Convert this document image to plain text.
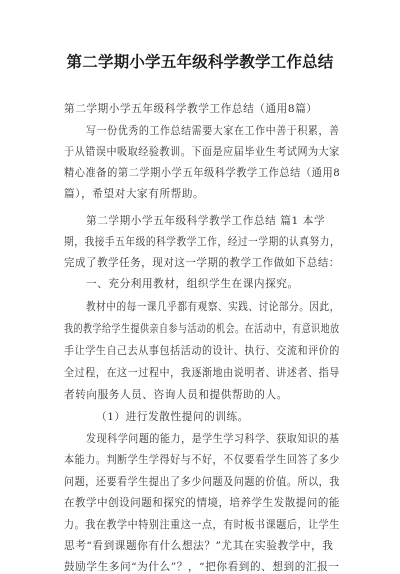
第二学期小学五年级科学教学工作总结
第二学期小学五年级科学教学工作总结（通用8篇）
写一份优秀的工作总结需要大家在工作中善于积累，善
于从错误中吸取经验教训。下面是应届毕业生考试网为大家
精心准备的第二学期小学五年级科学教学工作总结（通用8
篇），希望对大家有所帮助。
第二学期小学五年级科学教学工作总结 篇1 本学
期，我接手五年级的科学教学工作，经过一学期的认真努力，
完成了教学任务，现对这一学期的教学工作做如下总结：
一、充分利用教材，组织学生在课内探究。
教材中的每一课几乎都有观察、实践、讨论部分。因此，
我的教学给学生提供亲自参与活动的机会。在活动中，有意识地放
手让学生自己去从事包括活动的设计、执行、交流和评价的
全过程，在这一过程中，我逐渐地由说明者、讲述者、指导
者转向服务人员、咨询人员和提供帮助的人。
（1）进行发散性提问的训练。
发现科学问题的能力，是学生学习科学、获取知识的基
本能力。判断学生学得好与不好，不仅要看学生回答了多少
问题，还要看学生提出了多少问题及问题的价值。所以，我
在教学中创设问题和探究的情境，培养学生发散提问的能
力。我在教学中特别注重这一点，有时板书课题后，让学生
思考“看到课题你有什么想法？”尤其在实验教学中，我
鼓励学生多问“为什么”？，“把你看到的、想到的汇报一
